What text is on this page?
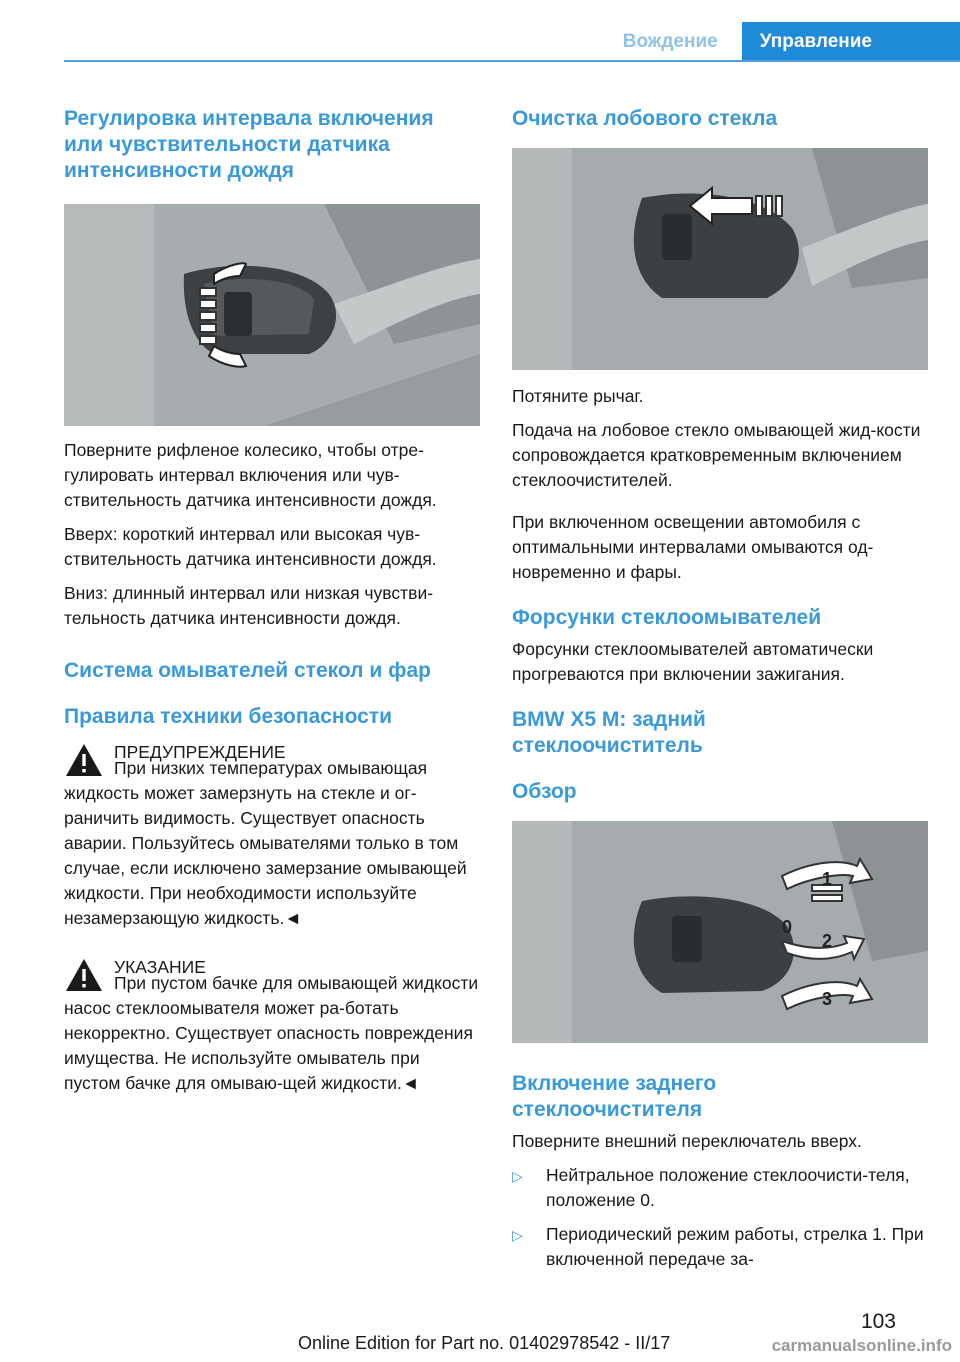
Вождение	Управление
Регулировка интервала включения или чувствительности датчика интенсивности дождя

Поверните рифленое колесико, чтобы отре-гулировать интервал включения или чув-ствительность датчика интенсивности дождя.

Вверх: короткий интервал или высокая чув-ствительность датчика интенсивности дождя.

Вниз: длинный интервал или низкая чувстви-тельность датчика интенсивности дождя.

Система омывателей стекол и фар
Правила техники безопасности
ПРЕДУПРЕЖДЕНИЕ

При низких температурах омывающая жидкость может замерзнуть на стекле и ог-раничить видимость. Существует опасность аварии. Пользуйтесь омывателями только в том случае, если исключено замерзание омывающей жидкости. При необходимости используйте незамерзающую жидкость.◄

УКАЗАНИЕ

При пустом бачке для омывающей жидкости насос стеклоомывателя может ра-ботать некорректно. Существует опасность повреждения имущества. Не используйте омыватель при пустом бачке для омываю-щей жидкости.◄

Очистка лобового стекла

Потяните рычаг.

Подача на лобовое стекло омывающей жид-кости сопровождается кратковременным включением стеклоочистителей.

При включенном освещении автомобиля с оптимальными интервалами омываются од-новременно и фары.

Форсунки стеклоомывателей

Форсунки стеклоомывателей автоматически прогреваются при включении зажигания.

BMW X5 M: задний стеклоочиститель
Обзор
1
0
2
3
Включение заднего стеклоочистителя

Поверните внешний переключатель вверх.

▷	Нейтральное положение стеклоочисти-теля, положение 0.

▷	Периодический режим работы, стрелка 1. При включенной передаче за-

103
Online Edition for Part no. 01402978542 - II/17	carmanualsonline.info
